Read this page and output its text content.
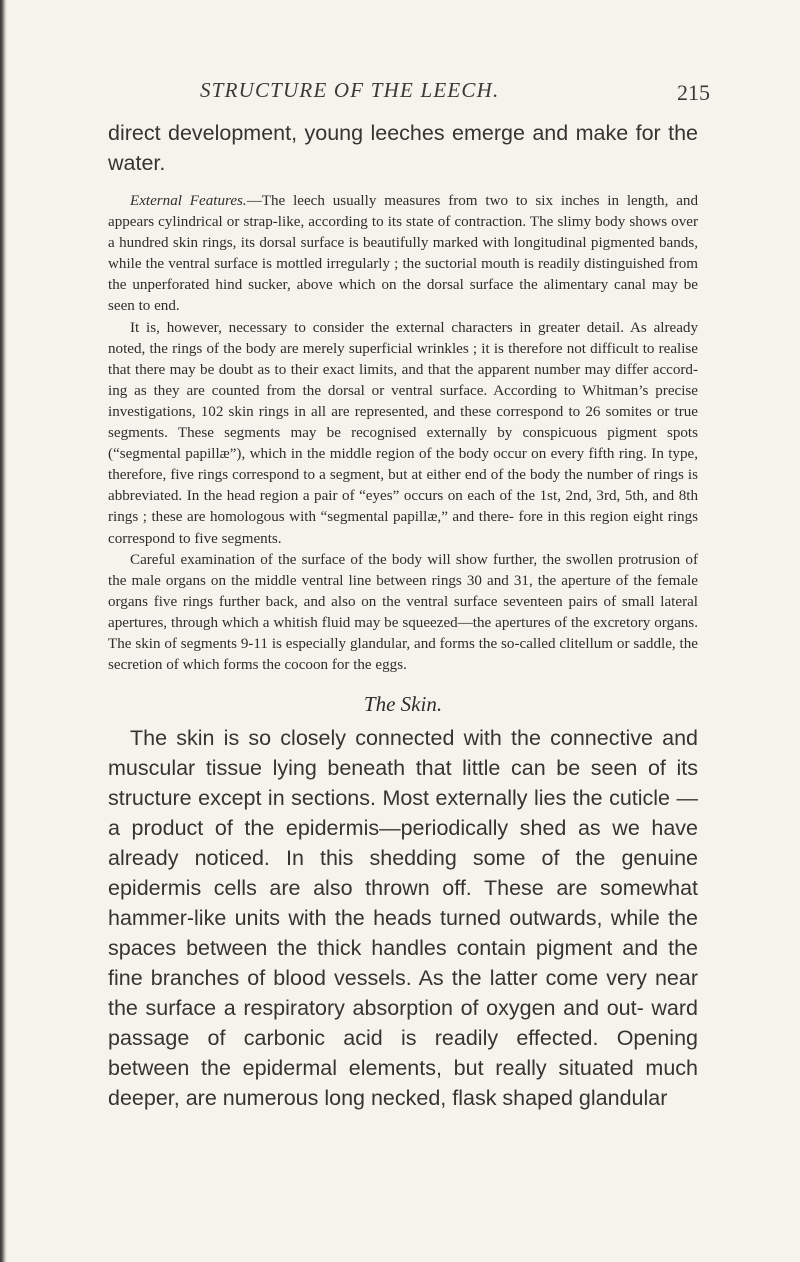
STRUCTURE OF THE LEECH.	215

direct development, young leeches emerge and make for the water.

External Features.—The leech usually measures from two to six inches in length, and appears cylindrical or strap-like, according to its state of contraction. The slimy body shows over a hundred skin rings, its dorsal surface is beautifully marked with longitudinal pigmented bands, while the ventral surface is mottled irregularly ; the suctorial mouth is readily distinguished from the unperforated hind sucker, above which on the dorsal surface the alimentary canal may be seen to end.

It is, however, necessary to consider the external characters in greater detail. As already noted, the rings of the body are merely superficial wrinkles ; it is therefore not difficult to realise that there may be doubt as to their exact limits, and that the apparent number may differ accord- ing as they are counted from the dorsal or ventral surface. According to Whitman’s precise investigations, 102 skin rings in all are represented, and these correspond to 26 somites or true segments. These segments may be recognised externally by conspicuous pigment spots (“segmental papillæ”), which in the middle region of the body occur on every fifth ring. In type, therefore, five rings correspond to a segment, but at either end of the body the number of rings is abbreviated. In the head region a pair of “eyes” occurs on each of the 1st, 2nd, 3rd, 5th, and 8th rings ; these are homologous with “segmental papillæ,” and there- fore in this region eight rings correspond to five segments.

Careful examination of the surface of the body will show further, the swollen protrusion of the male organs on the middle ventral line between rings 30 and 31, the aperture of the female organs five rings further back, and also on the ventral surface seventeen pairs of small lateral apertures, through which a whitish fluid may be squeezed—the apertures of the excretory organs. The skin of segments 9-11 is especially glandular, and forms the so-called clitellum or saddle, the secretion of which forms the cocoon for the eggs.

The Skin.

The skin is so closely connected with the connective and muscular tissue lying beneath that little can be seen of its structure except in sections. Most externally lies the cuticle —a product of the epidermis—periodically shed as we have already noticed. In this shedding some of the genuine epidermis cells are also thrown off. These are somewhat hammer-like units with the heads turned outwards, while the spaces between the thick handles contain pigment and the fine branches of blood vessels. As the latter come very near the surface a respiratory absorption of oxygen and out- ward passage of carbonic acid is readily effected. Opening between the epidermal elements, but really situated much deeper, are numerous long necked, flask shaped glandular
